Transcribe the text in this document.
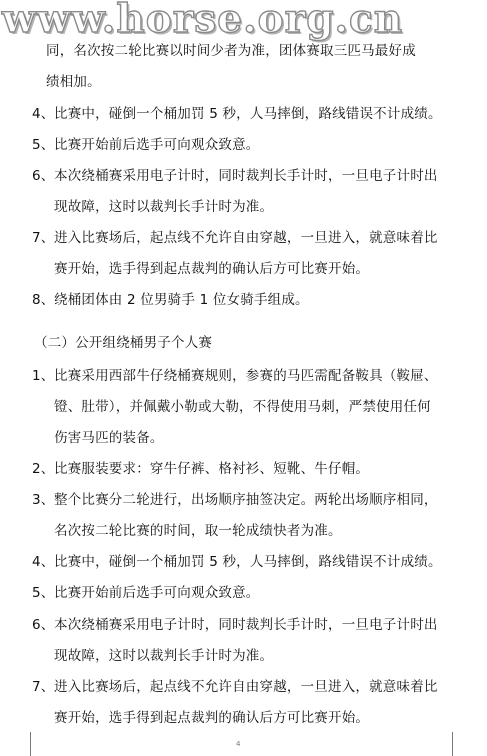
www.horse.org.cn
同，名次按二轮比赛以时间少者为准，团体赛取三匹马最好成
绩相加。
4、比赛中，碰倒一个桶加罚 5 秒，人马摔倒，路线错误不计成绩。
5、比赛开始前后选手可向观众致意。
6、本次绕桶赛采用电子计时，同时裁判长手计时，一旦电子计时出
现故障，这时以裁判长手计时为准。
7、进入比赛场后，起点线不允许自由穿越，一旦进入，就意味着比
赛开始，选手得到起点裁判的确认后方可比赛开始。
8、绕桶团体由 2 位男骑手 1 位女骑手组成。
（二）公开组绕桶男子个人赛
1、比赛采用西部牛仔绕桶赛规则，参赛的马匹需配备鞍具（鞍屉、
镫、肚带），并佩戴小勒或大勒，不得使用马刺，严禁使用任何
伤害马匹的装备。
2、比赛服装要求：穿牛仔裤、格衬衫、短靴、牛仔帽。
3、整个比赛分二轮进行，出场顺序抽签决定。两轮出场顺序相同，
名次按二轮比赛的时间，取一轮成绩快者为准。
4、比赛中，碰倒一个桶加罚 5 秒，人马摔倒，路线错误不计成绩。
5、比赛开始前后选手可向观众致意。
6、本次绕桶赛采用电子计时，同时裁判长手计时，一旦电子计时出
现故障，这时以裁判长手计时为准。
7、进入比赛场后，起点线不允许自由穿越，一旦进入，就意味着比
赛开始，选手得到起点裁判的确认后方可比赛开始。
4
